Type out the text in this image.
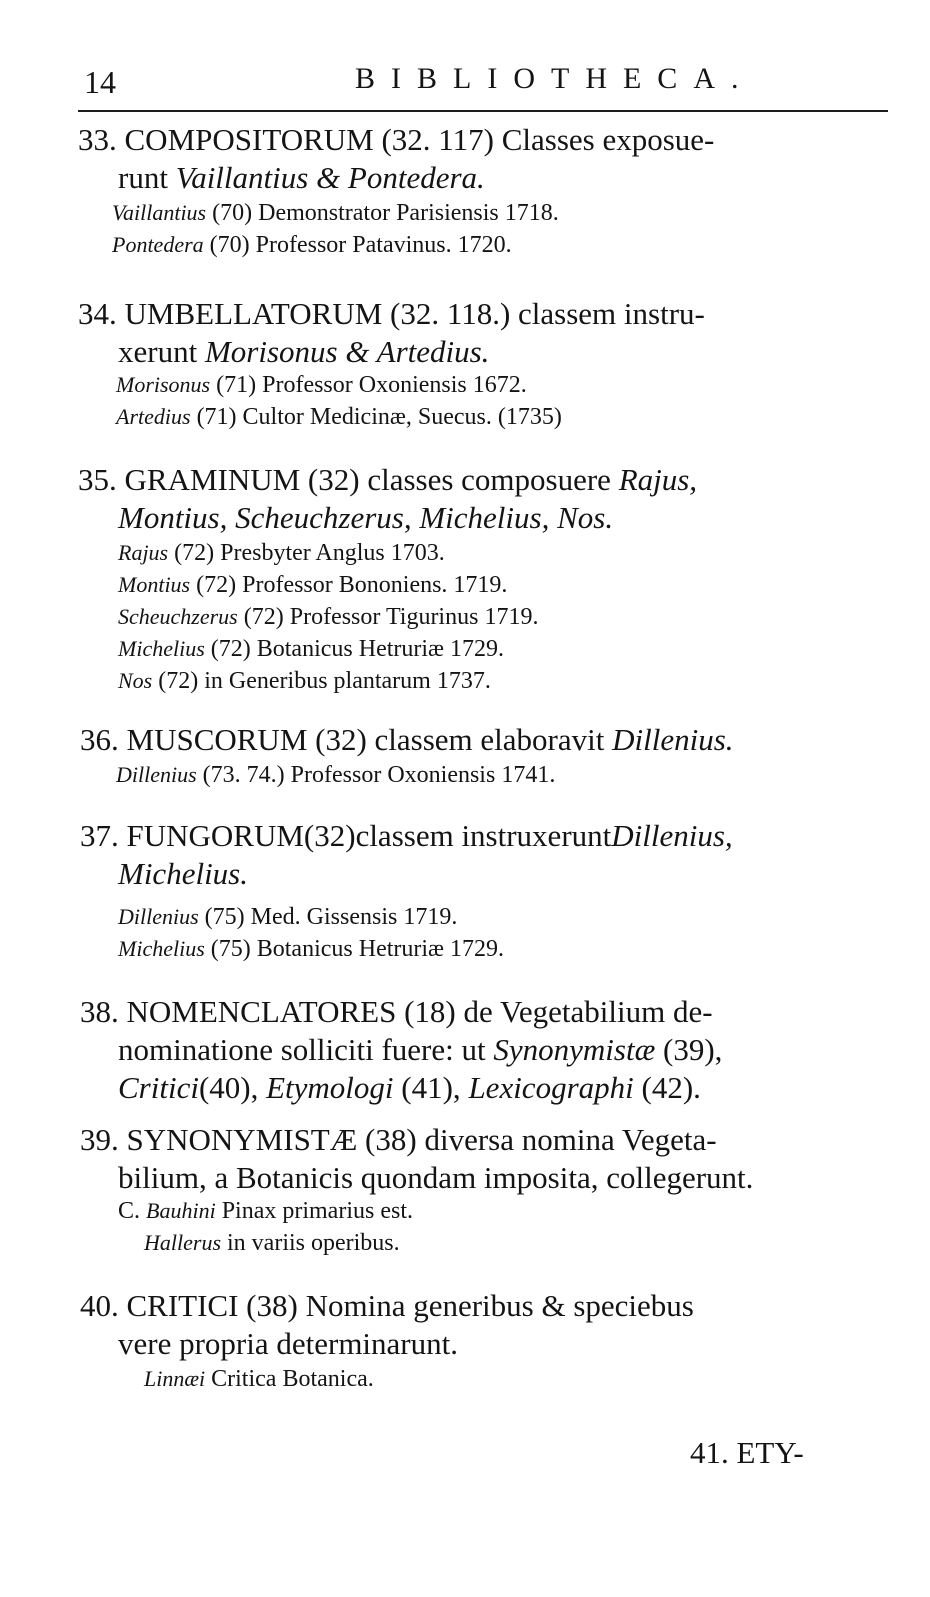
14	BIBLIOTHECA.
33. COMPOSITORUM (32. 117) Classes exposue-
runt Vaillantius & Pontedera.
Vaillantius (70) Demonstrator Parisiensis 1718.
Pontedera (70) Professor Patavinus. 1720.
34. UMBELLATORUM (32. 118.) classem instru-
xerunt Morisonus & Artedius.
Morisonus (71) Professor Oxoniensis 1672.
Artedius (71) Cultor Medicinæ, Suecus. (1735)
35. GRAMINUM (32) classes composuere Rajus,
Montius, Scheuchzerus, Michelius, Nos.
Rajus (72) Presbyter Anglus 1703.
Montius (72) Professor Bononiens. 1719.
Scheuchzerus (72) Professor Tigurinus 1719.
Michelius (72) Botanicus Hetruriæ 1729.
Nos (72) in Generibus plantarum 1737.
36. MUSCORUM (32) classem elaboravit Dillenius.
Dillenius (73. 74.) Professor Oxoniensis 1741.
37. FUNGORUM(32)classem instruxeruntDillenius,
Michelius.
Dillenius (75) Med. Gissensis 1719.
Michelius (75) Botanicus Hetruriæ 1729.
38. NOMENCLATORES (18) de Vegetabilium de-
nominatione solliciti fuere: ut Synonymistæ (39),
Critici(40), Etymologi (41), Lexicographi (42).
39. SYNONYMISTÆ (38) diversa nomina Vegeta-
bilium, a Botanicis quondam imposita, collegerunt.
C. Bauhini Pinax primarius est.
Hallerus in variis operibus.
40. CRITICI (38) Nomina generibus & speciebus
vere propria determinarunt.
Linnæi Critica Botanica.
41. ETY-
